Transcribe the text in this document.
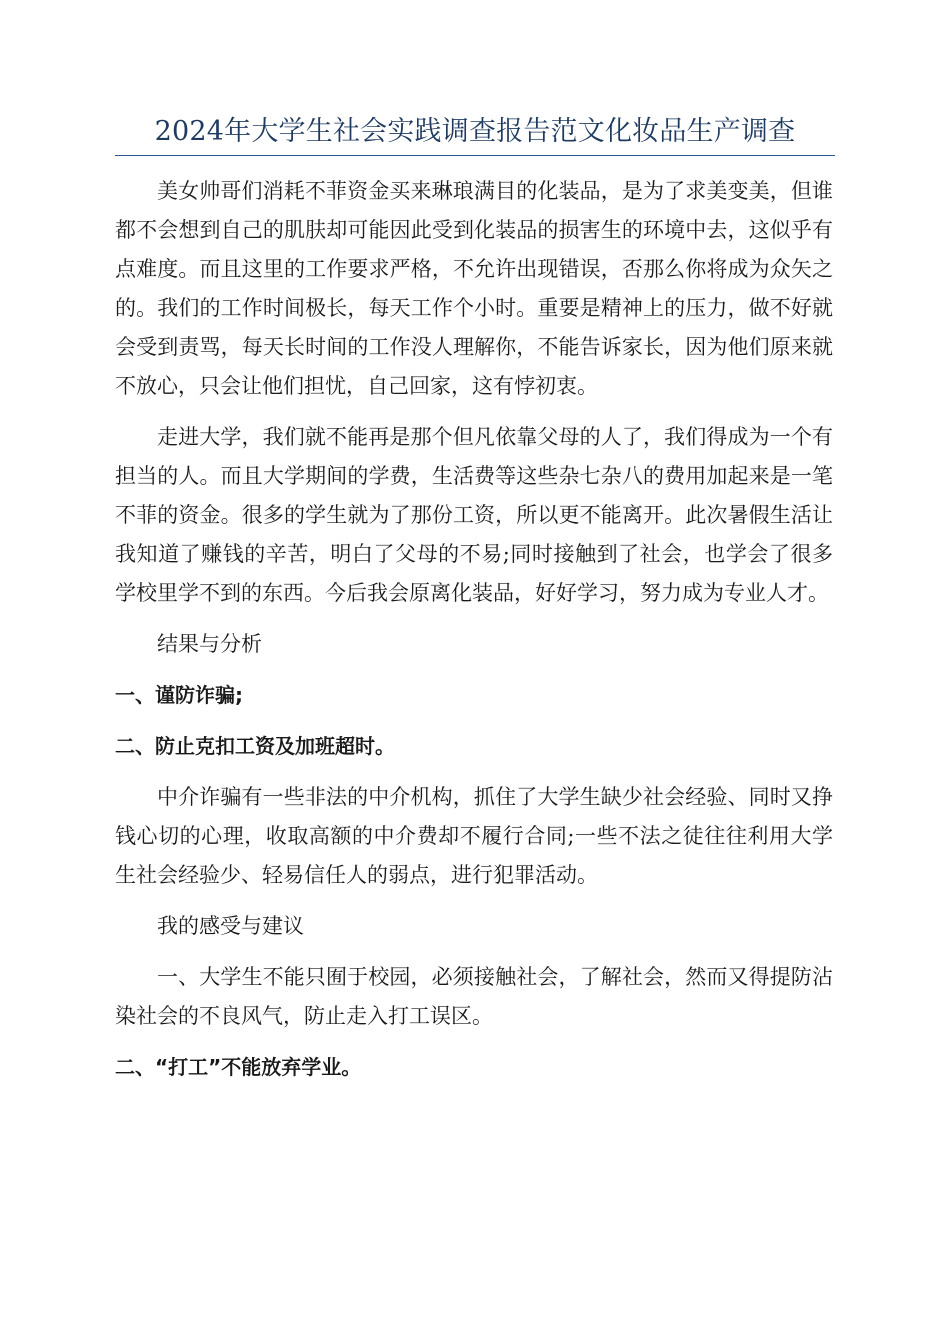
2024年大学生社会实践调查报告范文化妆品生产调查

美女帅哥们消耗不菲资金买来琳琅满目的化装品，是为了求美变美，但谁都不会想到自己的肌肤却可能因此受到化装品的损害生的环境中去，这似乎有点难度。而且这里的工作要求严格，不允许出现错误，否那么你将成为众矢之的。我们的工作时间极长，每天工作个小时。重要是精神上的压力，做不好就会受到责骂，每天长时间的工作没人理解你，不能告诉家长，因为他们原来就不放心，只会让他们担忧，自己回家，这有悖初衷。

走进大学，我们就不能再是那个但凡依靠父母的人了，我们得成为一个有担当的人。而且大学期间的学费，生活费等这些杂七杂八的费用加起来是一笔不菲的资金。很多的学生就为了那份工资，所以更不能离开。此次暑假生活让我知道了赚钱的辛苦，明白了父母的不易;同时接触到了社会，也学会了很多学校里学不到的东西。今后我会原离化装品，好好学习，努力成为专业人才。

结果与分析

一、谨防诈骗;

二、防止克扣工资及加班超时。

中介诈骗有一些非法的中介机构，抓住了大学生缺少社会经验、同时又挣钱心切的心理，收取高额的中介费却不履行合同;一些不法之徒往往利用大学生社会经验少、轻易信任人的弱点，进行犯罪活动。

我的感受与建议

一、大学生不能只囿于校园，必须接触社会，了解社会，然而又得提防沾染社会的不良风气，防止走入打工误区。

二、“打工”不能放弃学业。
